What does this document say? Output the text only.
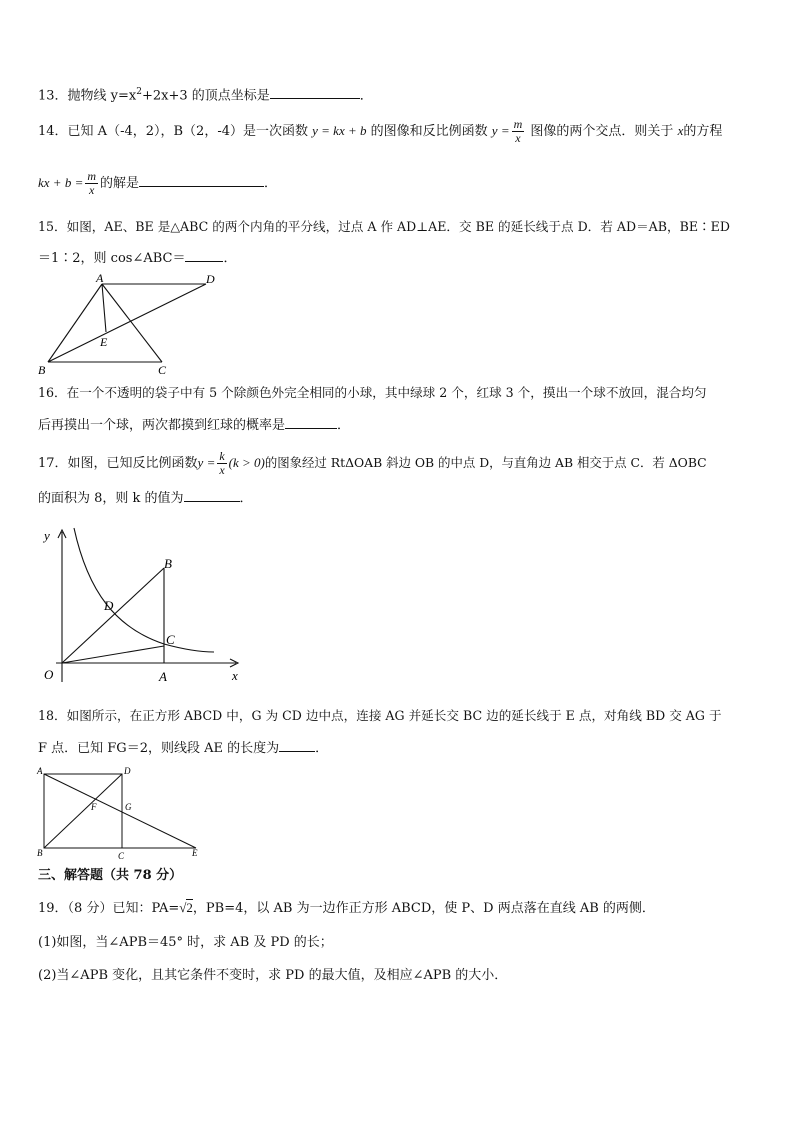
13．抛物线 $y=x^2+2x+3$ 的顶点坐标是	．
14．已知 A（-4，2），B（2，-4）是一次函数 y = kx + b 的图像和反比例函数 $y = \frac{m}{x}$ 图像的两个交点．则关于 x的方程
kx + $b = \frac{m}{x}$ 的解是	．
15．如图，AE、BE 是△ABC 的两个内角的平分线，过点 A 作 AD⊥AE．交 BE 的延长线于点 D．若 AD＝AB，BE∶ED
＝1∶2，则 cos∠ABC＝	．
A	D
E
B	C
16．在一个不透明的袋子中有 5 个除颜色外完全相同的小球，其中绿球 2 个，红球 3 个，摸出一个球不放回，混合均匀
后再摸出一个球，两次都摸到红球的概率是	．
17．如图，已知反比例函数$y = \frac{k}{x} (k > 0)$的图象经过 RtΔOAB 斜边 OB 的中点 D，与直角边 AB 相交于点 C．若 ΔOBC
的面积为 8，则 k 的值为	．
y
x
O	A
B
C
D
18．如图所示，在正方形 ABCD 中，G 为 CD 边中点，连接 AG 并延长交 BC 边的延长线于 E 点，对角线 BD 交 AG 于
F 点．已知 FG＝2，则线段 AE 的长度为	．
A	D
F	G
B	C	E
三、解答题（共 78 分）
19．（8 分）已知：PA=√2，PB=4，以 AB 为一边作正方形 ABCD，使 P、D 两点落在直线 AB 的两侧．
(1)如图，当∠APB＝45° 时，求 AB 及 PD 的长；
(2)当∠APB 变化，且其它条件不变时，求 PD 的最大值，及相应∠APB 的大小．
